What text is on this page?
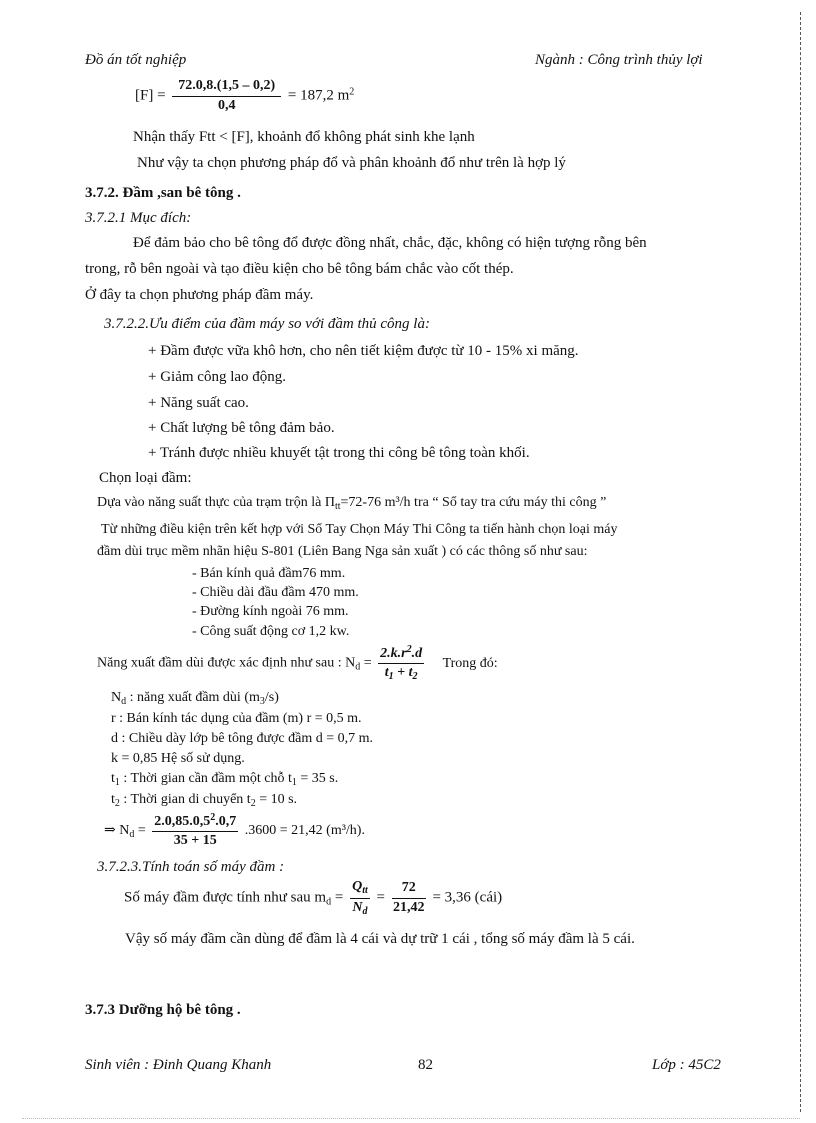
Đồ án tốt nghiệp	Ngành : Công trình thủy lợi
$[F] = \frac{72.0,8.(1,5 - 0,2)}{0,4} = 187,2$ $m^2$
Nhận thấy Ftt < [F], khoảnh đổ không phát sinh khe lạnh
Như vậy ta chọn phương pháp đổ và phân khoảnh đổ như trên là hợp lý
3.7.2. Đầm ,san bê tông .
3.7.2.1 Mục đích:
Để đảm bảo cho bê tông đổ được đồng nhất, chắc, đặc, không có hiện tượng rỗng bên
trong, rỗ bên ngoài và tạo điều kiện cho bê tông bám chắc vào cốt thép.
Ở đây ta chọn phương pháp đầm máy.
3.7.2.2.Ưu điểm của đầm máy so với đầm thủ công là:
+ Đầm được vữa khô hơn, cho nên tiết kiệm được từ 10 - 15% xi măng.
+ Giảm công lao động.
+ Năng suất cao.
+ Chất lượng bê tông đảm bảo.
+ Tránh được nhiều khuyết tật trong thi công bê tông toàn khối.
Chọn loại đầm:
Dựa vào năng suất thực của trạm trộn là $\Pi_{tt}=72-76$ m³/h tra “ Sổ tay tra cứu máy thi công ”
Từ những điều kiện trên kết hợp với Sổ Tay Chọn Máy Thi Công ta tiến hành chọn loại máy
đầm dùi trục mềm nhãn hiệu S-801 (Liên Bang Nga sản xuất ) có các thông số như sau:
- Bán kính quả đầm76 mm.
- Chiều dài đầu đầm 470 mm.
- Đường kính ngoài 76 mm.
- Công suất động cơ 1,2 kw.
Năng xuất đầm dùi được xác định như sau : $N_d = \frac{2.k.r^2.d}{t_1 + t_2}$ Trong đó:
$N_d$ : năng xuất đầm dùi $(m_3/s)$
r : Bán kính tác dụng của đầm (m) r = 0,5 m.
d : Chiều dày lớp bê tông được đầm d = 0,7 m.
k = 0,85 Hệ số sử dụng.
$t_1$ : Thời gian cần đầm một chỗ $t_1 = 35$ s.
$t_2$ : Thời gian di chuyển $t_2 = 10$ s.
⇒ $N_d = \frac{2.0,85.0,5^2.0,7}{35 + 15} .3600 = 21,42$ (m³/h).
3.7.2.3.Tính toán số máy đầm :
Số máy đầm được tính như sau $m_d = \frac{Q_{tt}}{N_d} = \frac{72}{21,42} = 3,36$ (cái)
Vậy số máy đầm cần dùng để đầm là 4 cái và dự trữ 1 cái , tổng số máy đầm là 5 cái.
3.7.3 Dưỡng hộ bê tông .
Sinh viên : Đinh Quang Khanh	82	Lớp : 45C2
